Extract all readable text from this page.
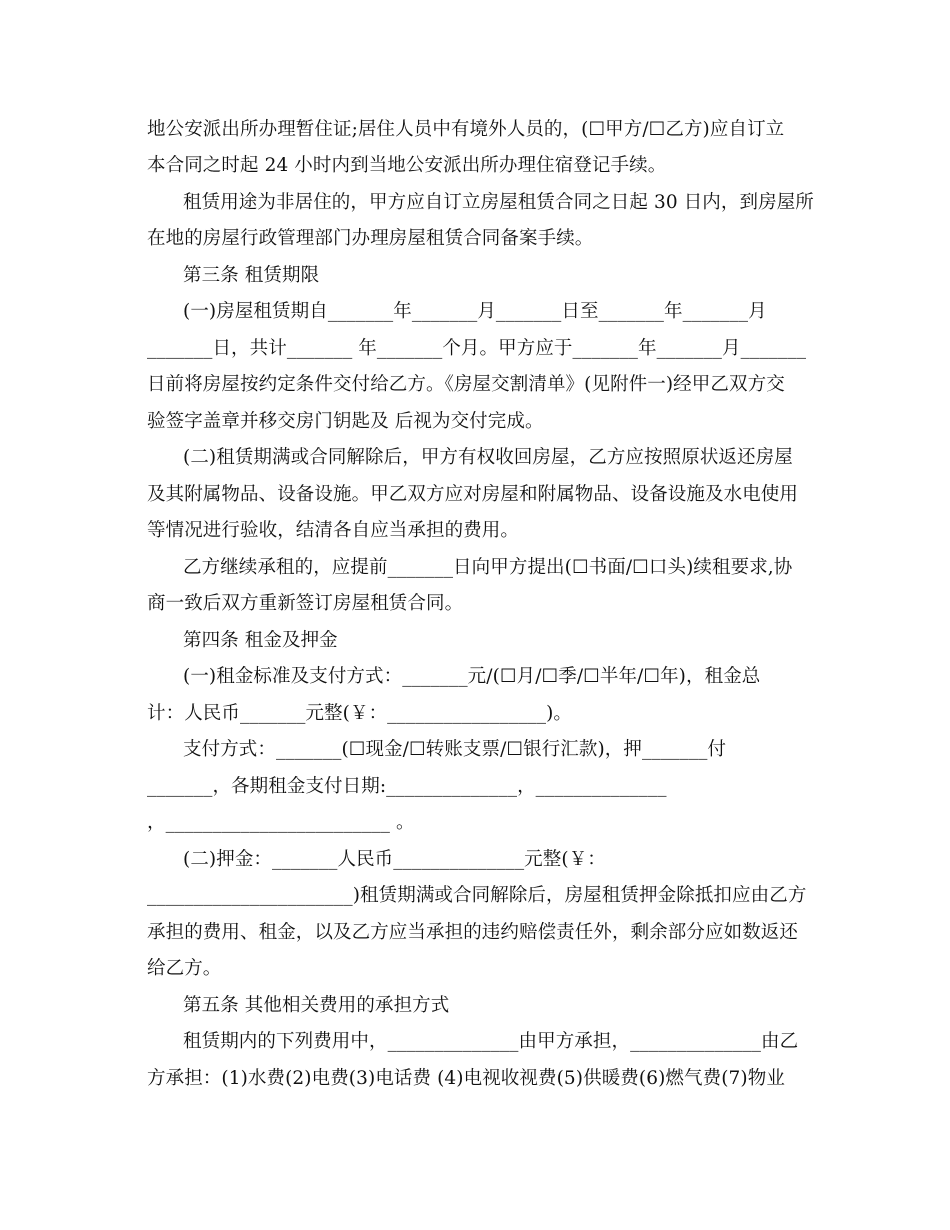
地公安派出所办理暂住证;居住人员中有境外人员的，(☐甲方/☐乙方)应自订立
本合同之时起 24 小时内到当地公安派出所办理住宿登记手续。
租赁用途为非居住的，甲方应自订立房屋租赁合同之日起 30 日内，到房屋所
在地的房屋行政管理部门办理房屋租赁合同备案手续。
第三条 租赁期限
(一)房屋租赁期自_______年_______月_______日至_______年_______月
_______日，共计_______ 年_______个月。甲方应于_______年_______月_______
日前将房屋按约定条件交付给乙方。《房屋交割清单》(见附件一)经甲乙双方交
验签字盖章并移交房门钥匙及 后视为交付完成。
(二)租赁期满或合同解除后，甲方有权收回房屋，乙方应按照原状返还房屋
及其附属物品、设备设施。甲乙双方应对房屋和附属物品、设备设施及水电使用
等情况进行验收，结清各自应当承担的费用。
乙方继续承租的，应提前_______日向甲方提出(☐书面/☐口头)续租要求,协
商一致后双方重新签订房屋租赁合同。
第四条 租金及押金
(一)租金标准及支付方式：_______元/(☐月/☐季/☐半年/☐年)，租金总
计：人民币_______元整(￥：_________________)。
支付方式：_______(☐现金/☐转账支票/☐银行汇款)，押_______付
_______，各期租金支付日期:______________，______________
，________________________ 。
(二)押金：_______人民币______________元整(￥：
______________________)租赁期满或合同解除后，房屋租赁押金除抵扣应由乙方
承担的费用、租金，以及乙方应当承担的违约赔偿责任外，剩余部分应如数返还
给乙方。
第五条 其他相关费用的承担方式
租赁期内的下列费用中，______________由甲方承担，______________由乙
方承担：(1)水费(2)电费(3)电话费 (4)电视收视费(5)供暖费(6)燃气费(7)物业
